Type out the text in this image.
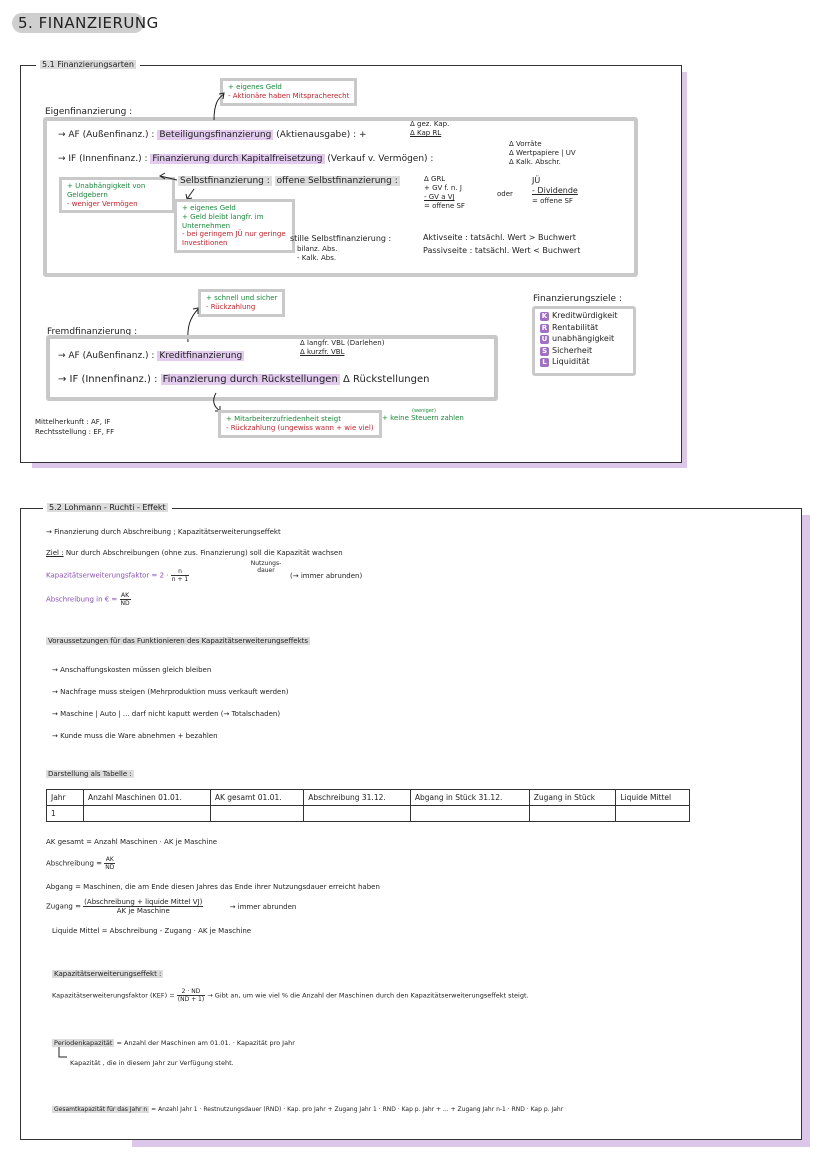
5. FINANZIERUNG
5.1 Finanzierungsarten
Eigenfinanzierung :
+ eigenes Geld
- Aktionäre haben Mitspracherecht
→ AF (Außenfinanz.) : Beteiligungsfinanzierung (Aktienausgabe) : +
Δ gez. Kap.
Δ Kap RL
→ IF (Innenfinanz.) : Finanzierung durch Kapitalfreisetzung (Verkauf v. Vermögen) :
Δ Vorräte
Δ Wertpapiere | UV
Δ Kalk. Abschr.
+ Unabhängigkeit von Geldgebern
- weniger Vermögen
Selbstfinanzierung : offene Selbstfinanzierung :	Δ GRL
+ GV f. n. J
- GV a VJ
= offene SF
oder
JÜ
- Dividende
= offene SF
+ eigenes Geld
+ Geld bleibt langfr. im Unternehmen
- bei geringem JÜ nur geringe Investitionen	stille Selbstfinanzierung :
bilanz. Abs.
- Kalk. Abs.
Aktivseite : tatsächl. Wert > Buchwert
Passivseite : tatsächl. Wert < Buchwert
+ schnell und sicher
- Rückzahlung
Fremdfinanzierung :
→ AF (Außenfinanz.) : Kreditfinanzierung
Δ langfr. VBL (Darlehen)
Δ kurzfr. VBL
→ IF (Innenfinanz.) : Finanzierung durch Rückstellungen Δ Rückstellungen
+ Mitarbeiterzufriedenheit steigt
- Rückzahlung (ungewiss wann + wie viel)
(weniger)
+ keine Steuern zahlen
Mittelherkunft : AF, IF
Rechtsstellung : EF, FF
Finanzierungsziele :
K Kreditwürdigkeit
R Rentabilität
U unabhängigkeit
S Sicherheit
L Liquidität
5.2 Lohmann - Ruchti - Effekt
→ Finanzierung durch Abschreibung ; Kapazitätserweiterungseffekt
Ziel : Nur durch Abschreibungen (ohne zus. Finanzierung) soll die Kapazität wachsen
Kapazitätserweiterungsfaktor = $2 \cdot \frac{n}{n + 1}$
Nutzungs- dauer
(→ immer abrunden)
Abschreibung in € = $\frac{AK}{ND}$
Voraussetzungen für das Funktionieren des Kapazitätserweiterungseffekts
→ Anschaffungskosten müssen gleich bleiben
→ Nachfrage muss steigen (Mehrproduktion muss verkauft werden)
→ Maschine | Auto | ... darf nicht kaputt werden (→ Totalschaden)
→ Kunde muss die Ware abnehmen + bezahlen
Darstellung als Tabelle :
Jahr	Anzahl Maschinen 01.01.	AK gesamt 01.01.	Abschreibung 31.12.	Abgang in Stück 31.12.	Zugang in Stück	Liquide Mittel
1						
AK gesamt = Anzahl Maschinen · AK je Maschine
Abschreibung = $\frac{AK}{ND}$
Abgang = Maschinen, die am Ende diesen Jahres das Ende ihrer Nutzungsdauer erreicht haben
Zugang = $\frac{\text{(Abschreibung + liquide Mittel VJ)}}{\text{AK je Maschine}}$	→ immer abrunden
Liquide Mittel = Abschreibung - Zugang · AK je Maschine
Kapazitätserweiterungseffekt :
Kapazitätserweiterungsfaktor $(KEF) = \frac{2 \cdot ND}{(ND + 1)}$ → Gibt an, um wie viel % die Anzahl der Maschinen durch den Kapazitätserweiterungseffekt steigt.
Periodenkapazität = Anzahl der Maschinen am 01.01. · Kapazität pro Jahr
Kapazität , die in diesem Jahr zur Verfügung steht.
Gesamtkapazität für das Jahr n = Anzahl Jahr 1 · Restnutzungsdauer (RND) · Kap. pro Jahr + Zugang Jahr 1 · RND · Kap p. Jahr + ... + Zugang Jahr n-1 · RND · Kap p. Jahr
